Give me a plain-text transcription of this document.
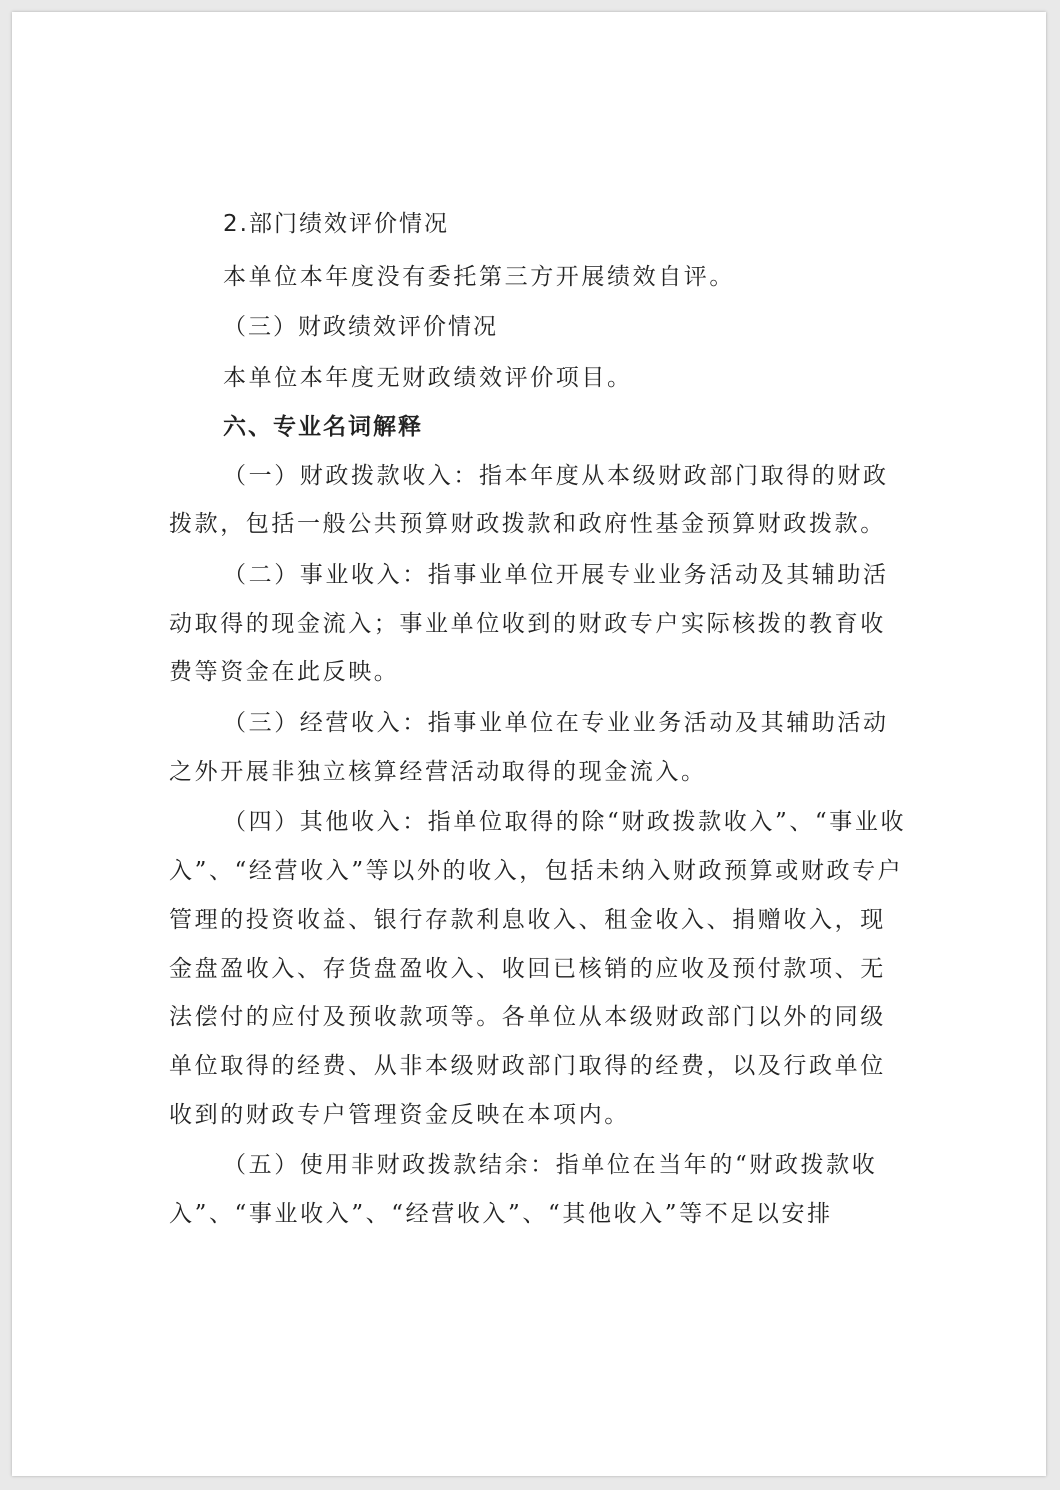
2.部门绩效评价情况

本单位本年度没有委托第三方开展绩效自评。

（三）财政绩效评价情况

本单位本年度无财政绩效评价项目。

六、专业名词解释

（一）财政拨款收入：指本年度从本级财政部门取得的财政拨款，包括一般公共预算财政拨款和政府性基金预算财政拨款。

（二）事业收入：指事业单位开展专业业务活动及其辅助活动取得的现金流入；事业单位收到的财政专户实际核拨的教育收费等资金在此反映。

（三）经营收入：指事业单位在专业业务活动及其辅助活动之外开展非独立核算经营活动取得的现金流入。

（四）其他收入：指单位取得的除“财政拨款收入”、“事业收入”、“经营收入”等以外的收入，包括未纳入财政预算或财政专户管理的投资收益、银行存款利息收入、租金收入、捐赠收入，现金盘盈收入、存货盘盈收入、收回已核销的应收及预付款项、无法偿付的应付及预收款项等。各单位从本级财政部门以外的同级单位取得的经费、从非本级财政部门取得的经费，以及行政单位收到的财政专户管理资金反映在本项内。

（五）使用非财政拨款结余：指单位在当年的“财政拨款收入”、“事业收入”、“经营收入”、“其他收入”等不足以安排
